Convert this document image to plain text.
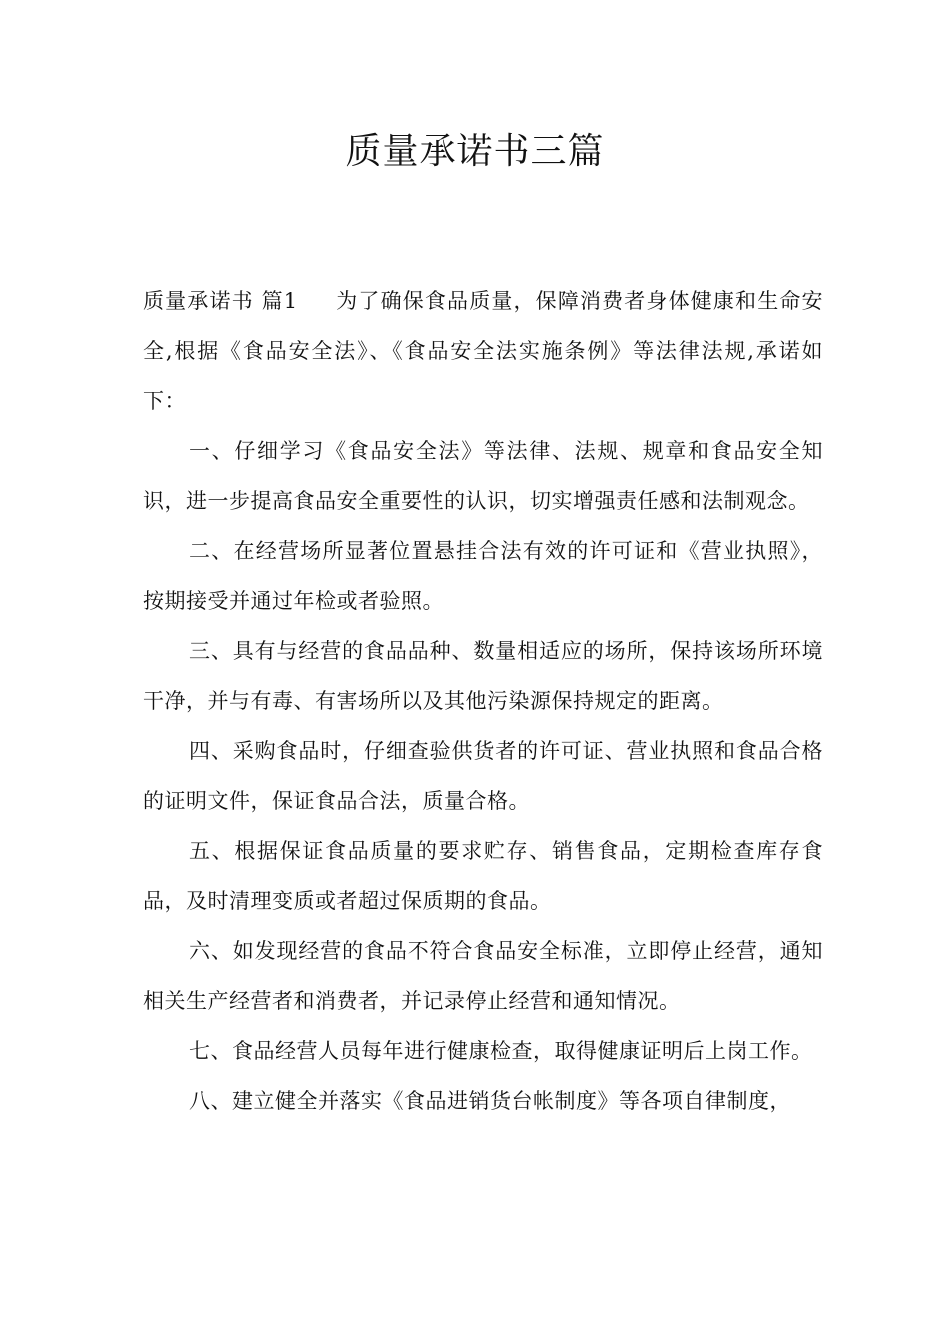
质量承诺书三篇

质量承诺书 篇1 为了确保食品质量，保障消费者身体健康和生命安全,根据《食品安全法》、《食品安全法实施条例》等法律法规,承诺如下：

一、仔细学习《食品安全法》等法律、法规、规章和食品安全知识，进一步提高食品安全重要性的认识，切实增强责任感和法制观念。

二、在经营场所显著位置悬挂合法有效的许可证和《营业执照》，按期接受并通过年检或者验照。

三、具有与经营的食品品种、数量相适应的场所，保持该场所环境干净，并与有毒、有害场所以及其他污染源保持规定的距离。

四、采购食品时，仔细查验供货者的许可证、营业执照和食品合格的证明文件，保证食品合法，质量合格。

五、根据保证食品质量的要求贮存、销售食品，定期检查库存食品，及时清理变质或者超过保质期的食品。

六、如发现经营的食品不符合食品安全标准，立即停止经营，通知相关生产经营者和消费者，并记录停止经营和通知情况。

七、食品经营人员每年进行健康检查，取得健康证明后上岗工作。

八、建立健全并落实《食品进销货台帐制度》等各项自律制度，
